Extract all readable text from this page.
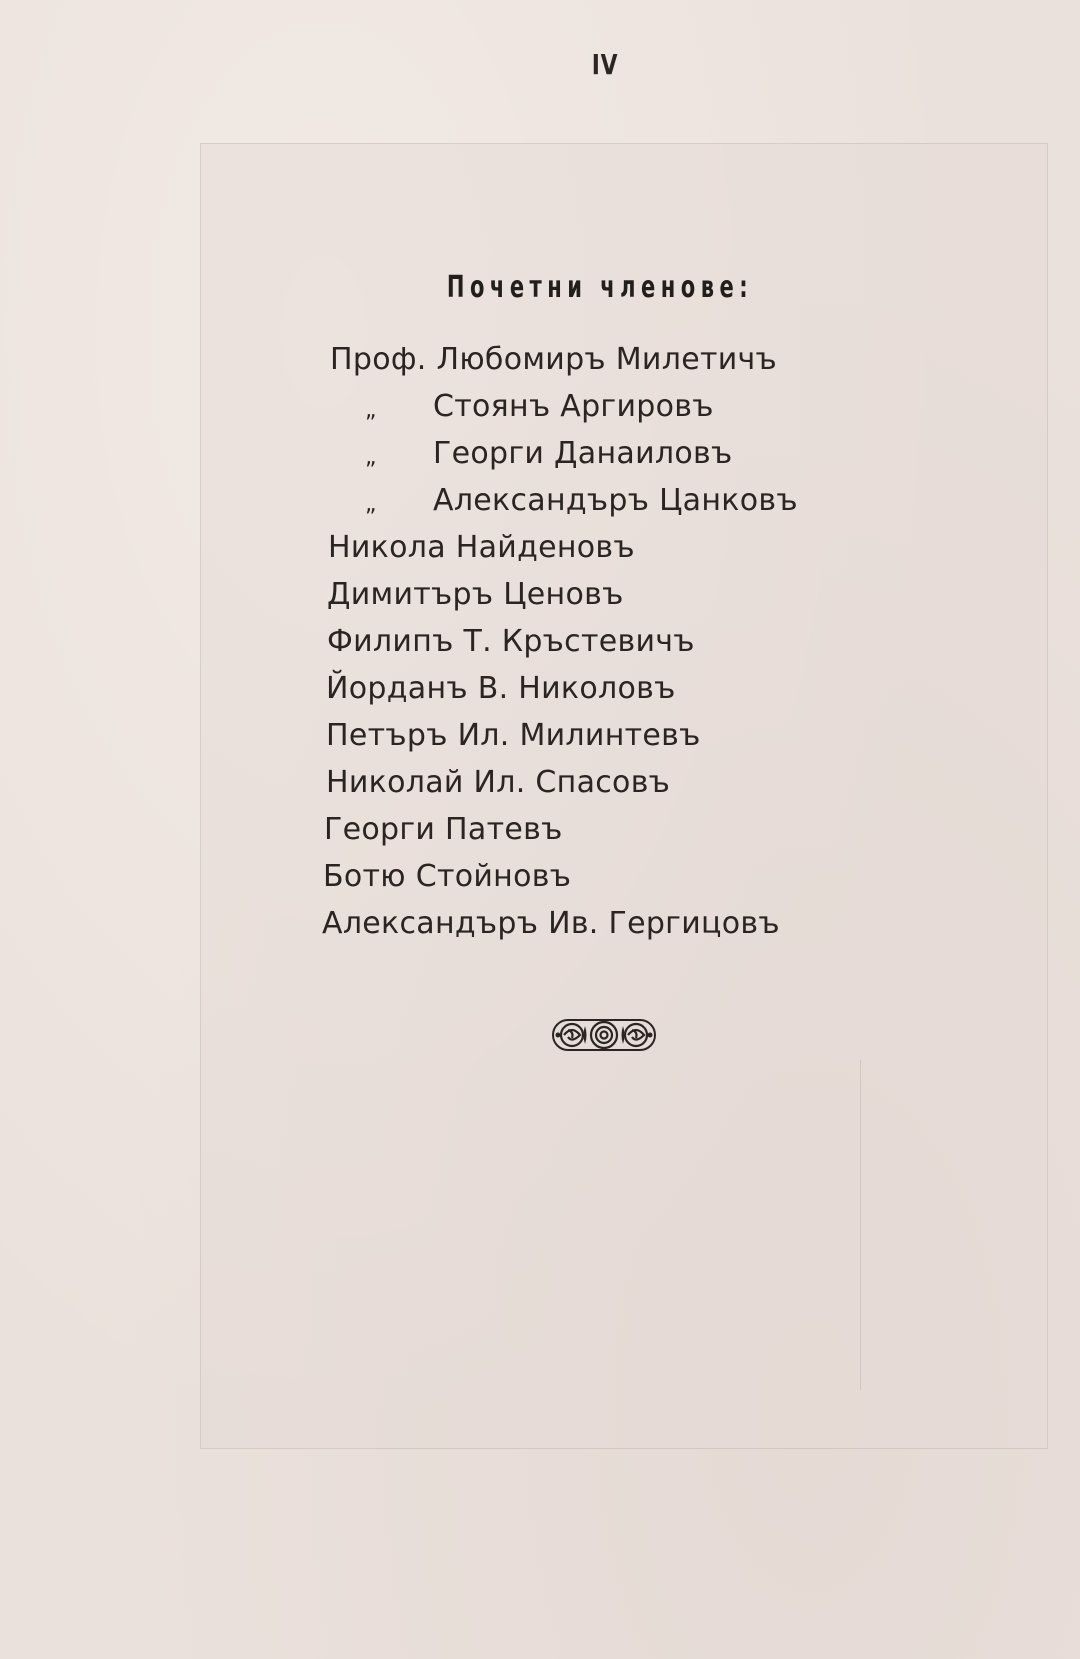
IV
Почетни членове:
Проф. Любомиръ Милетичъ
„ Стоянъ Аргировъ
„ Георги Данаиловъ
„ Александъръ Цанковъ
Никола Найденовъ
Димитъръ Ценовъ
Филипъ Т. Кръстевичъ
Йорданъ В. Николовъ
Петъръ Ил. Милинтевъ
Николай Ил. Спасовъ
Георги Патевъ
Ботю Стойновъ
Александъръ Ив. Гергицовъ
